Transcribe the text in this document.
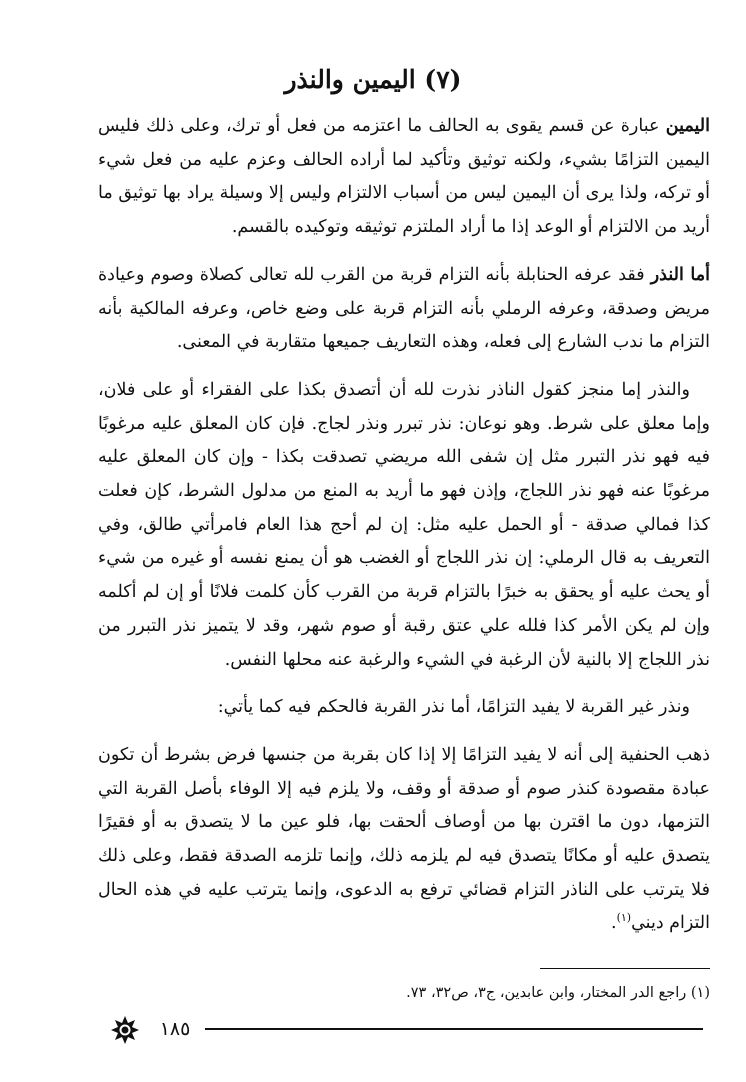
(٧) اليمين والنذر

اليمين عبارة عن قسم يقوى به الحالف ما اعتزمه من فعل أو ترك، وعلى ذلك فليس اليمين التزامًا بشيء، ولكنه توثيق وتأكيد لما أراده الحالف وعزم عليه من فعل شيء أو تركه، ولذا يرى أن اليمين ليس من أسباب الالتزام وليس إلا وسيلة يراد بها توثيق ما أريد من الالتزام أو الوعد إذا ما أراد الملتزم توثيقه وتوكيده بالقسم.

أما النذر فقد عرفه الحنابلة بأنه التزام قربة من القرب لله تعالى كصلاة وصوم وعيادة مريض وصدقة، وعرفه الرملي بأنه التزام قربة على وضع خاص، وعرفه المالكية بأنه التزام ما ندب الشارع إلى فعله، وهذه التعاريف جميعها متقاربة في المعنى.

والنذر إما منجز كقول الناذر نذرت لله أن أتصدق بكذا على الفقراء أو على فلان، وإما معلق على شرط. وهو نوعان: نذر تبرر ونذر لجاج. فإن كان المعلق عليه مرغوبًا فيه فهو نذر التبرر مثل إن شفى الله مريضي تصدقت بكذا - وإن كان المعلق عليه مرغوبًا عنه فهو نذر اللجاج، وإذن فهو ما أريد به المنع من مدلول الشرط، كإن فعلت كذا فمالي صدقة - أو الحمل عليه مثل: إن لم أحج هذا العام فامرأتي طالق، وفي التعريف به قال الرملي: إن نذر اللجاج أو الغضب هو أن يمنع نفسه أو غيره من شيء أو يحث عليه أو يحقق به خبرًا بالتزام قربة من القرب كأن كلمت فلانًا أو إن لم أكلمه وإن لم يكن الأمر كذا فلله علي عتق رقبة أو صوم شهر، وقد لا يتميز نذر التبرر من نذر اللجاج إلا بالنية لأن الرغبة في الشيء والرغبة عنه محلها النفس.

ونذر غير القربة لا يفيد التزامًا، أما نذر القربة فالحكم فيه كما يأتي:

ذهب الحنفية إلى أنه لا يفيد التزامًا إلا إذا كان بقربة من جنسها فرض بشرط أن تكون عبادة مقصودة كنذر صوم أو صدقة أو وقف، ولا يلزم فيه إلا الوفاء بأصل القربة التي التزمها، دون ما اقترن بها من أوصاف ألحقت بها، فلو عين ما لا يتصدق به أو فقيرًا يتصدق عليه أو مكانًا يتصدق فيه لم يلزمه ذلك، وإنما تلزمه الصدقة فقط، وعلى ذلك فلا يترتب على الناذر التزام قضائي ترفع به الدعوى، وإنما يترتب عليه في هذه الحال التزام ديني$^{(١)}$.

(١) راجع الدر المختار، وابن عابدين، ج٣، ص٣٢، ٧٣.
١٨٥
